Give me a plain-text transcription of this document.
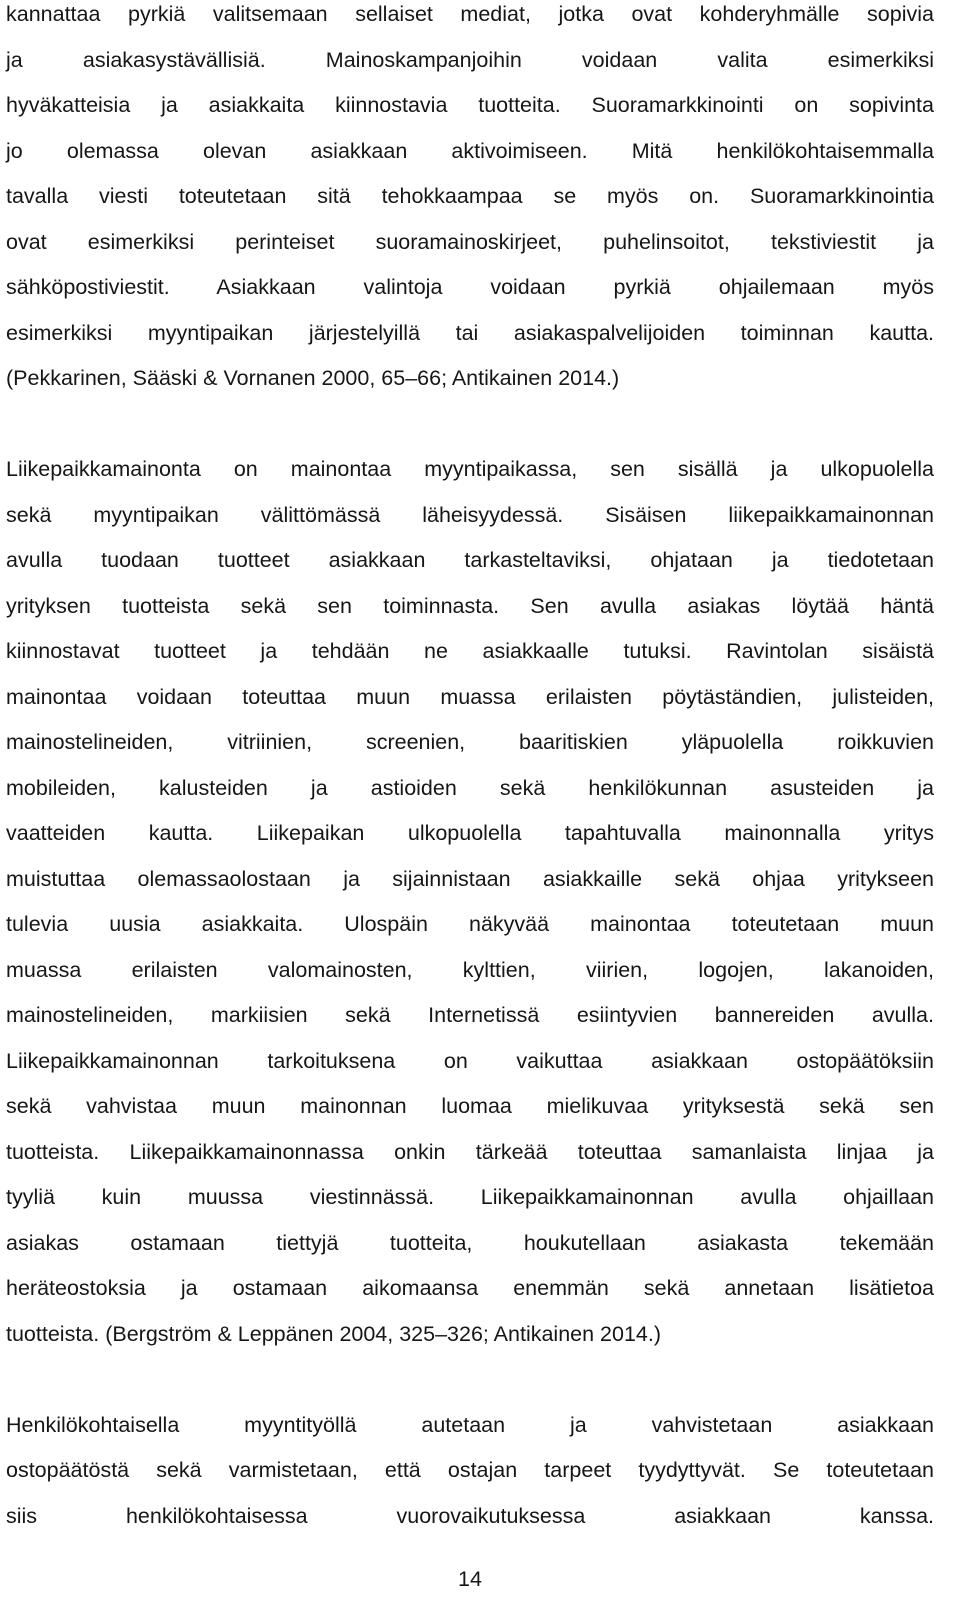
kannattaa pyrkiä valitsemaan sellaiset mediat, jotka ovat kohderyhmälle sopivia
ja asiakasystävällisiä. Mainoskampanjoihin voidaan valita esimerkiksi
hyväkatteisia ja asiakkaita kiinnostavia tuotteita. Suoramarkkinointi on sopivinta
jo olemassa olevan asiakkaan aktivoimiseen. Mitä henkilökohtaisemmalla
tavalla viesti toteutetaan sitä tehokkaampaa se myös on. Suoramarkkinointia
ovat esimerkiksi perinteiset suoramainoskirjeet, puhelinsoitot, tekstiviestit ja
sähköpostiviestit. Asiakkaan valintoja voidaan pyrkiä ohjailemaan myös
esimerkiksi myyntipaikan järjestelyillä tai asiakaspalvelijoiden toiminnan kautta.
(Pekkarinen, Sääski & Vornanen 2000, 65–66; Antikainen 2014.)
Liikepaikkamainonta on mainontaa myyntipaikassa, sen sisällä ja ulkopuolella
sekä myyntipaikan välittömässä läheisyydessä. Sisäisen liikepaikkamainonnan
avulla tuodaan tuotteet asiakkaan tarkasteltaviksi, ohjataan ja tiedotetaan
yrityksen tuotteista sekä sen toiminnasta. Sen avulla asiakas löytää häntä
kiinnostavat tuotteet ja tehdään ne asiakkaalle tutuksi. Ravintolan sisäistä
mainontaa voidaan toteuttaa muun muassa erilaisten pöytäständien, julisteiden,
mainostelineiden, vitriinien, screenien, baaritiskien yläpuolella roikkuvien
mobileiden, kalusteiden ja astioiden sekä henkilökunnan asusteiden ja
vaatteiden kautta. Liikepaikan ulkopuolella tapahtuvalla mainonnalla yritys
muistuttaa olemassaolostaan ja sijainnistaan asiakkaille sekä ohjaa yritykseen
tulevia uusia asiakkaita. Ulospäin näkyvää mainontaa toteutetaan muun
muassa erilaisten valomainosten, kylttien, viirien, logojen, lakanoiden,
mainostelineiden, markiisien sekä Internetissä esiintyvien bannereiden avulla.
Liikepaikkamainonnan tarkoituksena on vaikuttaa asiakkaan ostopäätöksiin
sekä vahvistaa muun mainonnan luomaa mielikuvaa yrityksestä sekä sen
tuotteista. Liikepaikkamainonnassa onkin tärkeää toteuttaa samanlaista linjaa ja
tyyliä kuin muussa viestinnässä. Liikepaikkamainonnan avulla ohjaillaan
asiakas ostamaan tiettyjä tuotteita, houkutellaan asiakasta tekemään
heräteostoksia ja ostamaan aikomaansa enemmän sekä annetaan lisätietoa
tuotteista. (Bergström & Leppänen 2004, 325–326; Antikainen 2014.)
Henkilökohtaisella myyntityöllä autetaan ja vahvistetaan asiakkaan
ostopäätöstä sekä varmistetaan, että ostajan tarpeet tyydyttyvät. Se toteutetaan
siis henkilökohtaisessa vuorovaikutuksessa asiakkaan kanssa.
14
